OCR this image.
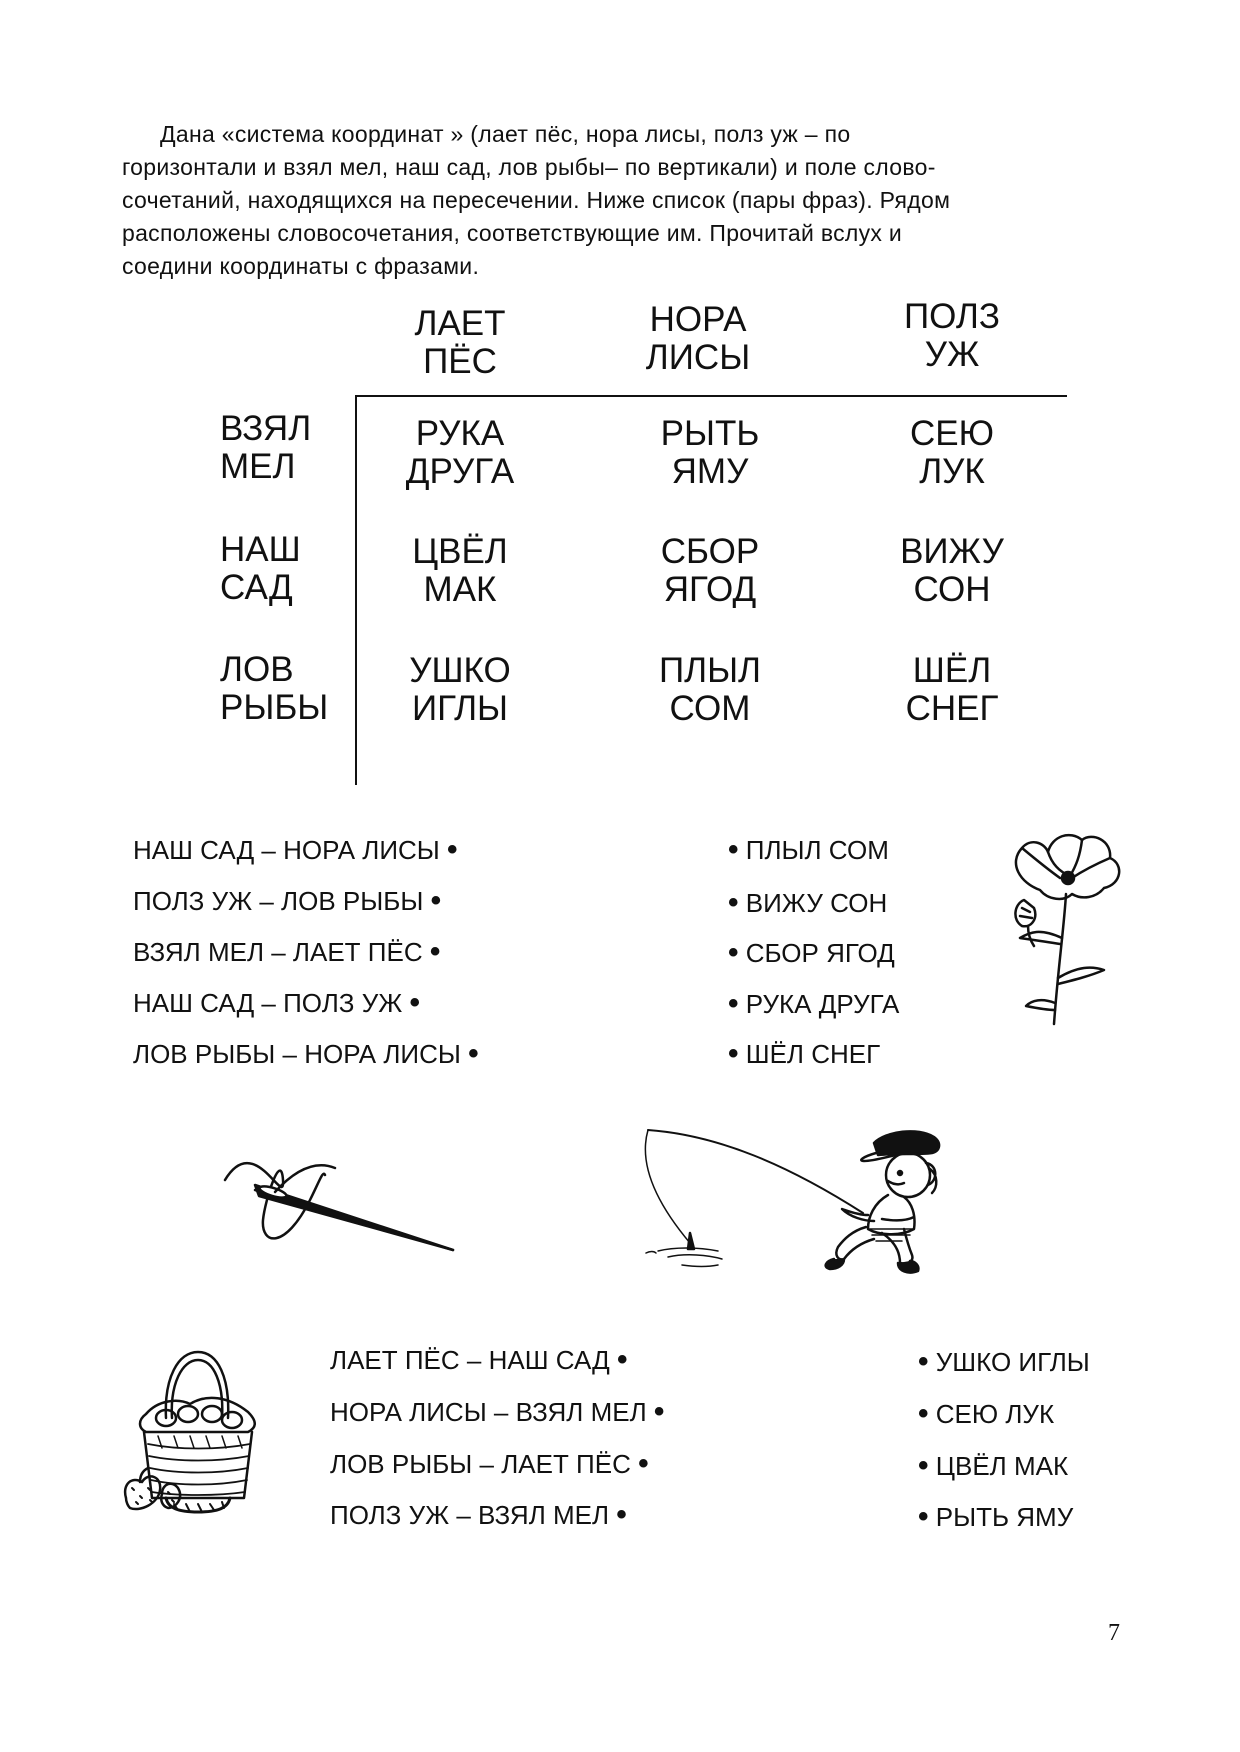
Дана «система координат » (лает пёс, нора лисы, полз уж – по
горизонтали и взял мел, наш сад, лов рыбы– по вертикали) и поле слово-
сочетаний, находящихся на пересечении. Ниже список (пары фраз). Рядом
расположены словосочетания, соответствующие им. Прочитай вслух и
соедини координаты с фразами.

ЛАЕТ
ПЁС
НОРА
ЛИСЫ
ПОЛЗ
УЖ
ВЗЯЛ
МЕЛ
НАШ
САД
ЛОВ
РЫБЫ
РУКА
ДРУГА
РЫТЬ
ЯМУ
СЕЮ
ЛУК
ЦВЁЛ
МАК
СБОР
ЯГОД
ВИЖУ
СОН
УШКО
ИГЛЫ
ПЛЫЛ
СОМ
ШЁЛ
СНЕГ
НАШ САД – НОРА ЛИСЫ •
ПОЛЗ УЖ – ЛОВ РЫБЫ •
ВЗЯЛ МЕЛ – ЛАЕТ ПЁС •
НАШ САД – ПОЛЗ УЖ •
ЛОВ РЫБЫ – НОРА ЛИСЫ •
• ПЛЫЛ СОМ
• ВИЖУ СОН
• СБОР ЯГОД
• РУКА ДРУГА
• ШЁЛ СНЕГ
ЛАЕТ ПЁС – НАШ САД •
НОРА ЛИСЫ – ВЗЯЛ МЕЛ •
ЛОВ РЫБЫ – ЛАЕТ ПЁС •
ПОЛЗ УЖ – ВЗЯЛ МЕЛ •
• УШКО ИГЛЫ
• СЕЮ ЛУК
• ЦВЁЛ МАК
• РЫТЬ ЯМУ
7
